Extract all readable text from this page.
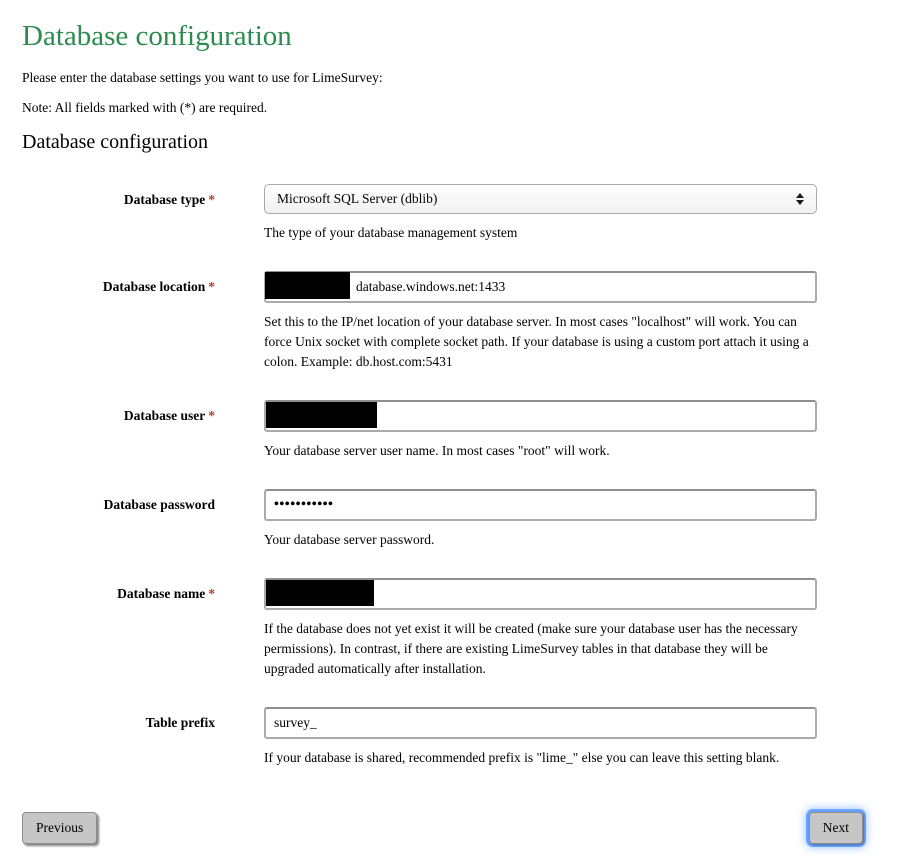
Database configuration

Please enter the database settings you want to use for LimeSurvey:

Note: All fields marked with (*) are required.

Database configuration
Database type *	Microsoft SQL Server (dblib)

The type of your database management system

Database location *
database.windows.net:1433

Set this to the IP/net location of your database server. In most cases "localhost" will work. You can force Unix socket with complete socket path. If your database is using a custom port attach it using a colon. Example: db.host.com:5431

Database user *

Your database server user name. In most cases "root" will work.

Database password
•••••••••••

Your database server password.

Database name *

If the database does not yet exist it will be created (make sure your database user has the necessary permissions). In contrast, if there are existing LimeSurvey tables in that database they will be upgraded automatically after installation.

Table prefix
survey_

If your database is shared, recommended prefix is "lime_" else you can leave this setting blank.

Previous	Next
